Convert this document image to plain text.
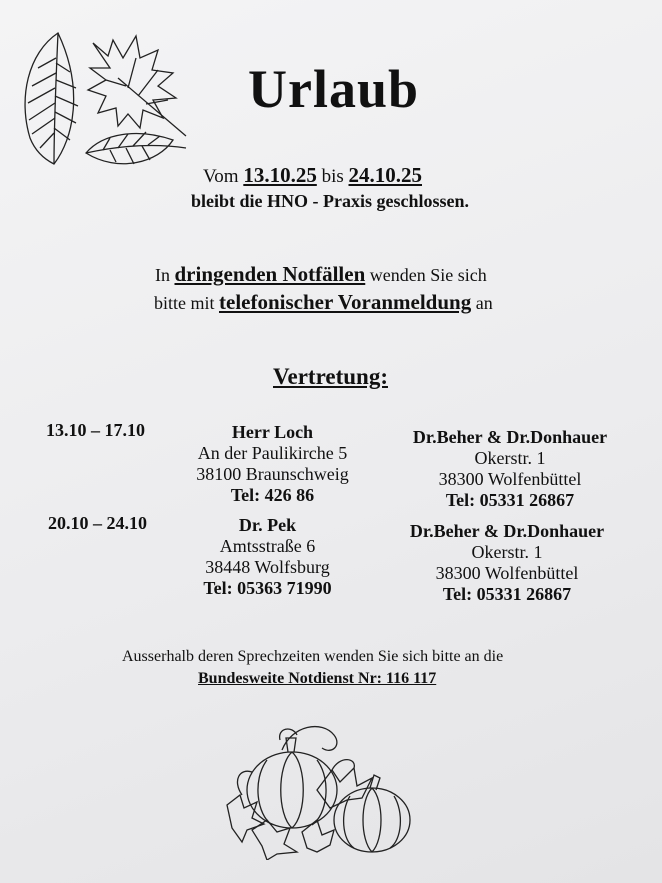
Urlaub
Vom 13.10.25 bis 24.10.25
bleibt die HNO - Praxis geschlossen.
In dringenden Notfällen wenden Sie sich
bitte mit telefonischer Voranmeldung an
Vertretung:
13.10 – 17.10	Herr Loch
An der Paulikirche 5
38100 Braunschweig
Tel: 426 86
Dr.Beher & Dr.Donhauer
Okerstr. 1
38300 Wolfenbüttel
Tel: 05331 26867
20.10 – 24.10	Dr. Pek
Amtsstraße 6
38448 Wolfsburg
Tel: 05363 71990
Dr.Beher & Dr.Donhauer
Okerstr. 1
38300 Wolfenbüttel
Tel: 05331 26867
Ausserhalb deren Sprechzeiten wenden Sie sich bitte an die
Bundesweite Notdienst Nr: 116 117
